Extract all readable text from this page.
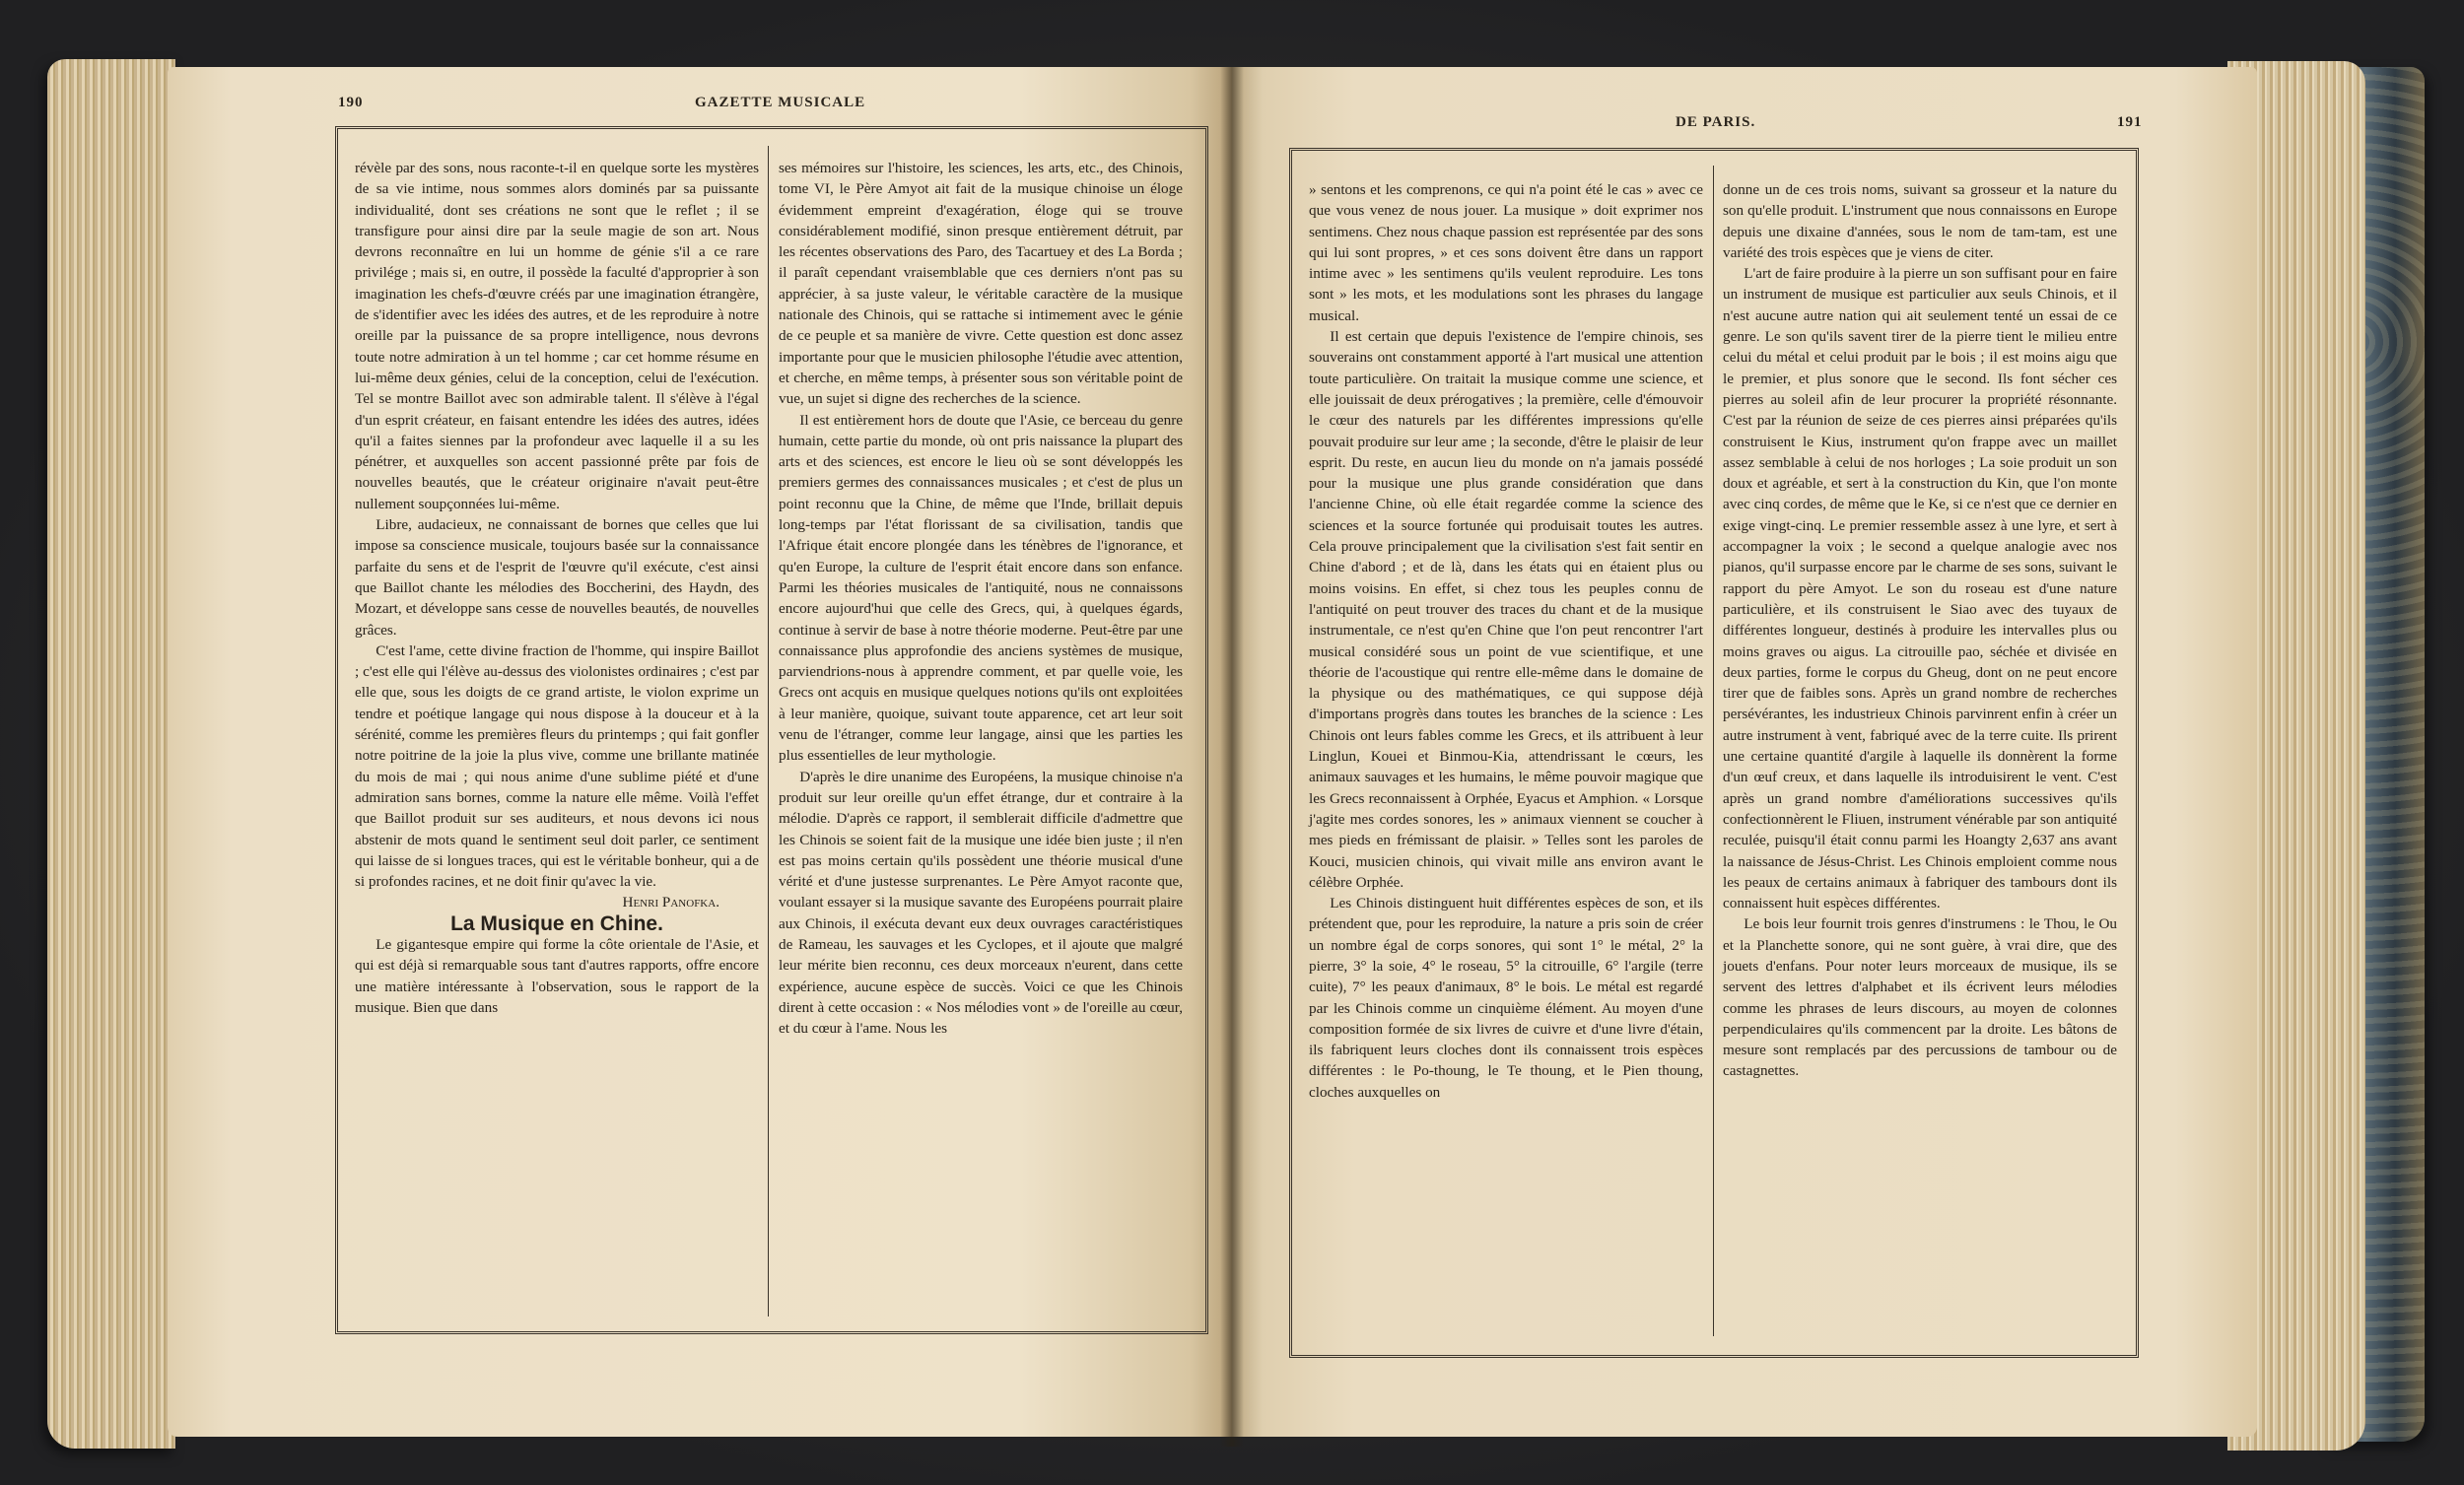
190	GAZETTE MUSICALE
DE PARIS.	191

révèle par des sons, nous raconte-t-il en quelque sorte les mystères de sa vie intime, nous sommes alors dominés par sa puissante individualité, dont ses créations ne sont que le reflet ; il se transfigure pour ainsi dire par la seule magie de son art. Nous devrons reconnaître en lui un homme de génie s'il a ce rare privilége ; mais si, en outre, il possède la faculté d'approprier à son imagination les chefs-d'œuvre créés par une imagination étrangère, de s'identifier avec les idées des autres, et de les reproduire à notre oreille par la puissance de sa propre intelligence, nous devrons toute notre admiration à un tel homme ; car cet homme résume en lui-même deux génies, celui de la conception, celui de l'exécution. Tel se montre Baillot avec son admirable talent. Il s'élève à l'égal d'un esprit créateur, en faisant entendre les idées des autres, idées qu'il a faites siennes par la profondeur avec laquelle il a su les pénétrer, et auxquelles son accent passionné prête par fois de nouvelles beautés, que le créateur originaire n'avait peut-être nullement soupçonnées lui-même.

Libre, audacieux, ne connaissant de bornes que celles que lui impose sa conscience musicale, toujours basée sur la connaissance parfaite du sens et de l'esprit de l'œuvre qu'il exécute, c'est ainsi que Baillot chante les mélodies des Boccherini, des Haydn, des Mozart, et développe sans cesse de nouvelles beautés, de nouvelles grâces.

C'est l'ame, cette divine fraction de l'homme, qui inspire Baillot ; c'est elle qui l'élève au-dessus des violonistes ordinaires ; c'est par elle que, sous les doigts de ce grand artiste, le violon exprime un tendre et poétique langage qui nous dispose à la douceur et à la sérénité, comme les premières fleurs du printemps ; qui fait gonfler notre poitrine de la joie la plus vive, comme une brillante matinée du mois de mai ; qui nous anime d'une sublime piété et d'une admiration sans bornes, comme la nature elle même. Voilà l'effet que Baillot produit sur ses auditeurs, et nous devons ici nous abstenir de mots quand le sentiment seul doit parler, ce sentiment qui laisse de si longues traces, qui est le véritable bonheur, qui a de si profondes racines, et ne doit finir qu'avec la vie.

Henri Panofka.

La Musique en Chine.

Le gigantesque empire qui forme la côte orientale de l'Asie, et qui est déjà si remarquable sous tant d'autres rapports, offre encore une matière intéressante à l'observation, sous le rapport de la musique. Bien que dans

ses mémoires sur l'histoire, les sciences, les arts, etc., des Chinois, tome VI, le Père Amyot ait fait de la musique chinoise un éloge évidemment empreint d'exagération, éloge qui se trouve considérablement modifié, sinon presque entièrement détruit, par les récentes observations des Paro, des Tacartuey et des La Borda ; il paraît cependant vraisemblable que ces derniers n'ont pas su apprécier, à sa juste valeur, le véritable caractère de la musique nationale des Chinois, qui se rattache si intimement avec le génie de ce peuple et sa manière de vivre. Cette question est donc assez importante pour que le musicien philosophe l'étudie avec attention, et cherche, en même temps, à présenter sous son véritable point de vue, un sujet si digne des recherches de la science.

Il est entièrement hors de doute que l'Asie, ce berceau du genre humain, cette partie du monde, où ont pris naissance la plupart des arts et des sciences, est encore le lieu où se sont développés les premiers germes des connaissances musicales ; et c'est de plus un point reconnu que la Chine, de même que l'Inde, brillait depuis long-temps par l'état florissant de sa civilisation, tandis que l'Afrique était encore plongée dans les ténèbres de l'ignorance, et qu'en Europe, la culture de l'esprit était encore dans son enfance. Parmi les théories musicales de l'antiquité, nous ne connaissons encore aujourd'hui que celle des Grecs, qui, à quelques égards, continue à servir de base à notre théorie moderne. Peut-être par une connaissance plus approfondie des anciens systèmes de musique, parviendrions-nous à apprendre comment, et par quelle voie, les Grecs ont acquis en musique quelques notions qu'ils ont exploitées à leur manière, quoique, suivant toute apparence, cet art leur soit venu de l'étranger, comme leur langage, ainsi que les parties les plus essentielles de leur mythologie.

D'après le dire unanime des Européens, la musique chinoise n'a produit sur leur oreille qu'un effet étrange, dur et contraire à la mélodie. D'après ce rapport, il semblerait difficile d'admettre que les Chinois se soient fait de la musique une idée bien juste ; il n'en est pas moins certain qu'ils possèdent une théorie musical d'une vérité et d'une justesse surprenantes. Le Père Amyot raconte que, voulant essayer si la musique savante des Européens pourrait plaire aux Chinois, il exécuta devant eux deux ouvrages caractéristiques de Rameau, les sauvages et les Cyclopes, et il ajoute que malgré leur mérite bien reconnu, ces deux morceaux n'eurent, dans cette expérience, aucune espèce de succès. Voici ce que les Chinois dirent à cette occasion : « Nos mélodies vont » de l'oreille au cœur, et du cœur à l'ame. Nous les

» sentons et les comprenons, ce qui n'a point été le cas » avec ce que vous venez de nous jouer. La musique » doit exprimer nos sentimens. Chez nous chaque passion est représentée par des sons qui lui sont propres, » et ces sons doivent être dans un rapport intime avec » les sentimens qu'ils veulent reproduire. Les tons sont » les mots, et les modulations sont les phrases du langage musical.

Il est certain que depuis l'existence de l'empire chinois, ses souverains ont constamment apporté à l'art musical une attention toute particulière. On traitait la musique comme une science, et elle jouissait de deux prérogatives ; la première, celle d'émouvoir le cœur des naturels par les différentes impressions qu'elle pouvait produire sur leur ame ; la seconde, d'être le plaisir de leur esprit. Du reste, en aucun lieu du monde on n'a jamais possédé pour la musique une plus grande considération que dans l'ancienne Chine, où elle était regardée comme la science des sciences et la source fortunée qui produisait toutes les autres. Cela prouve principalement que la civilisation s'est fait sentir en Chine d'abord ; et de là, dans les états qui en étaient plus ou moins voisins. En effet, si chez tous les peuples connu de l'antiquité on peut trouver des traces du chant et de la musique instrumentale, ce n'est qu'en Chine que l'on peut rencontrer l'art musical considéré sous un point de vue scientifique, et une théorie de l'acoustique qui rentre elle-même dans le domaine de la physique ou des mathématiques, ce qui suppose déjà d'importans progrès dans toutes les branches de la science : Les Chinois ont leurs fables comme les Grecs, et ils attribuent à leur Linglun, Kouei et Binmou-Kia, attendrissant le cœurs, les animaux sauvages et les humains, le même pouvoir magique que les Grecs reconnaissent à Orphée, Eyacus et Amphion. « Lorsque j'agite mes cordes sonores, les » animaux viennent se coucher à mes pieds en frémissant de plaisir. » Telles sont les paroles de Kouci, musicien chinois, qui vivait mille ans environ avant le célèbre Orphée.

Les Chinois distinguent huit différentes espèces de son, et ils prétendent que, pour les reproduire, la nature a pris soin de créer un nombre égal de corps sonores, qui sont 1° le métal, 2° la pierre, 3° la soie, 4° le roseau, 5° la citrouille, 6° l'argile (terre cuite), 7° les peaux d'animaux, 8° le bois. Le métal est regardé par les Chinois comme un cinquième élément. Au moyen d'une composition formée de six livres de cuivre et d'une livre d'étain, ils fabriquent leurs cloches dont ils connaissent trois espèces différentes : le Po-thoung, le Te thoung, et le Pien thoung, cloches auxquelles on

donne un de ces trois noms, suivant sa grosseur et la nature du son qu'elle produit. L'instrument que nous connaissons en Europe depuis une dixaine d'années, sous le nom de tam-tam, est une variété des trois espèces que je viens de citer.

L'art de faire produire à la pierre un son suffisant pour en faire un instrument de musique est particulier aux seuls Chinois, et il n'est aucune autre nation qui ait seulement tenté un essai de ce genre. Le son qu'ils savent tirer de la pierre tient le milieu entre celui du métal et celui produit par le bois ; il est moins aigu que le premier, et plus sonore que le second. Ils font sécher ces pierres au soleil afin de leur procurer la propriété résonnante. C'est par la réunion de seize de ces pierres ainsi préparées qu'ils construisent le Kius, instrument qu'on frappe avec un maillet assez semblable à celui de nos horloges ; La soie produit un son doux et agréable, et sert à la construction du Kin, que l'on monte avec cinq cordes, de même que le Ke, si ce n'est que ce dernier en exige vingt-cinq. Le premier ressemble assez à une lyre, et sert à accompagner la voix ; le second a quelque analogie avec nos pianos, qu'il surpasse encore par le charme de ses sons, suivant le rapport du père Amyot. Le son du roseau est d'une nature particulière, et ils construisent le Siao avec des tuyaux de différentes longueur, destinés à produire les intervalles plus ou moins graves ou aigus. La citrouille pao, séchée et divisée en deux parties, forme le corpus du Gheug, dont on ne peut encore tirer que de faibles sons. Après un grand nombre de recherches persévérantes, les industrieux Chinois parvinrent enfin à créer un autre instrument à vent, fabriqué avec de la terre cuite. Ils prirent une certaine quantité d'argile à laquelle ils donnèrent la forme d'un œuf creux, et dans laquelle ils introduisirent le vent. C'est après un grand nombre d'améliorations successives qu'ils confectionnèrent le Fliuen, instrument vénérable par son antiquité reculée, puisqu'il était connu parmi les Hoangty 2,637 ans avant la naissance de Jésus-Christ. Les Chinois emploient comme nous les peaux de certains animaux à fabriquer des tambours dont ils connaissent huit espèces différentes.

Le bois leur fournit trois genres d'instrumens : le Thou, le Ou et la Planchette sonore, qui ne sont guère, à vrai dire, que des jouets d'enfans. Pour noter leurs morceaux de musique, ils se servent des lettres d'alphabet et ils écrivent leurs mélodies comme les phrases de leurs discours, au moyen de colonnes perpendiculaires qu'ils commencent par la droite. Les bâtons de mesure sont remplacés par des percussions de tambour ou de castagnettes.
